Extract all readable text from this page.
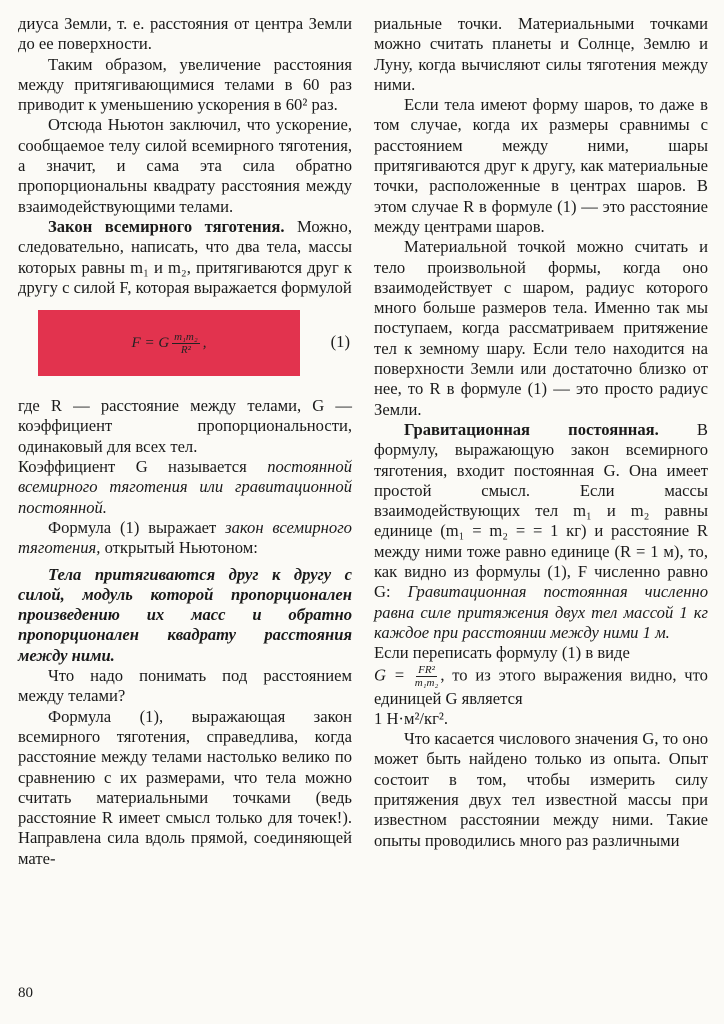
диуса Земли, т. е. расстояния от центра Земли до ее поверхности.

Таким образом, увеличение расстояния между притягивающимися телами в 60 раз приводит к уменьшению ускорения в 60² раз.

Отсюда Ньютон заключил, что ускорение, сообщаемое телу силой всемирного тяготения, а значит, и сама эта сила обратно пропорциональны квадрату расстояния между взаимодействующими телами.

Закон всемирного тяготения. Можно, следовательно, написать, что два тела, массы которых равны m₁ и m₂, притягиваются друг к другу с силой F, которая выражается формулой

F = G $\frac{\text{m₁m₂}}{\text{R²}}$ ,	(1)

где R — расстояние между телами, G — коэффициент пропорциональности, одинаковый для всех тел.

Коэффициент G называется постоянной всемирного тяготения или гравитационной постоянной.

Формула (1) выражает закон всемирного тяготения, открытый Ньютоном:

Тела притягиваются друг к другу с силой, модуль которой пропорционален произведению их масс и обратно пропорционален квадрату расстояния между ними.

Что надо понимать под расстоянием между телами?

Формула (1), выражающая закон всемирного тяготения, справедлива, когда расстояние между телами настолько велико по сравнению с их размерами, что тела можно считать материальными точками (ведь расстояние R имеет смысл только для точек!). Направлена сила вдоль прямой, соединяющей мате-

риальные точки. Материальными точками можно считать планеты и Солнце, Землю и Луну, когда вычисляют силы тяготения между ними.

Если тела имеют форму шаров, то даже в том случае, когда их размеры сравнимы с расстоянием между ними, шары притягиваются друг к другу, как материальные точки, расположенные в центрах шаров. В этом случае R в формуле (1) — это расстояние между центрами шаров.

Материальной точкой можно считать и тело произвольной формы, когда оно взаимодействует с шаром, радиус которого много больше размеров тела. Именно так мы поступаем, когда рассматриваем притяжение тел к земному шару. Если тело находится на поверхности Земли или достаточно близко от нее, то R в формуле (1) — это просто радиус Земли.

Гравитационная постоянная. В формулу, выражающую закон всемирного тяготения, входит постоянная G. Она имеет простой смысл. Если массы взаимодействующих тел m₁ и m₂ равны единице (m₁ = m₂ = = 1 кг) и расстояние R между ними тоже равно единице (R = 1 м), то, как видно из формулы (1), F численно равно G: Гравитационная постоянная численно равна силе притяжения двух тел массой 1 кг каждое при расстоянии между ними 1 м.

Если переписать формулу (1) в виде

$G = \frac{\text{FR²}}{\text{m₁m₂}}$ , то из этого выражения видно, что единицей G является

1 Н·м²/кг².

Что касается числового значения G, то оно может быть найдено только из опыта. Опыт состоит в том, чтобы измерить силу притяжения двух тел известной массы при известном расстоянии между ними. Такие опыты проводились много раз различными

80
